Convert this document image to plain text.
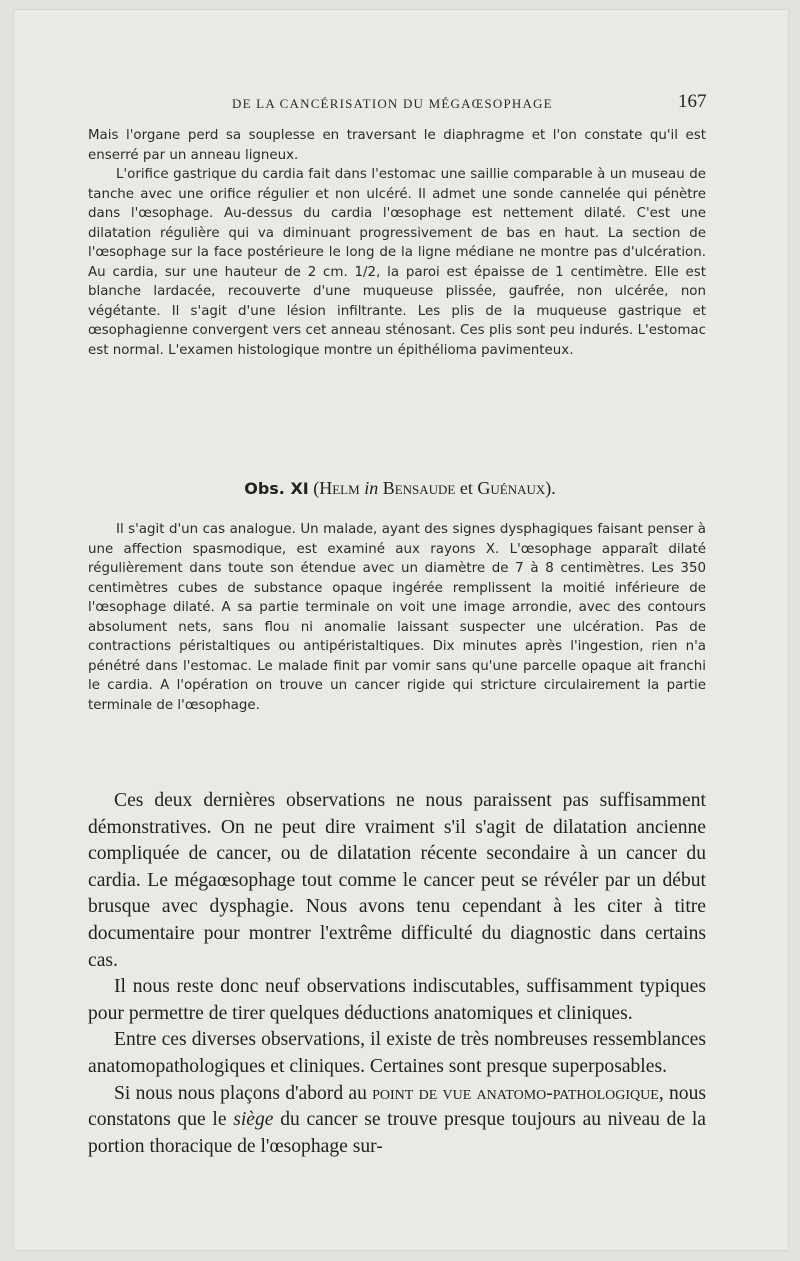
DE LA CANCÉRISATION DU MÉGAŒSOPHAGE	167

Mais l'organe perd sa souplesse en traversant le diaphragme et l'on constate qu'il est enserré par un anneau ligneux.

L'orifice gastrique du cardia fait dans l'estomac une saillie comparable à un museau de tanche avec une orifice régulier et non ulcéré. Il admet une sonde cannelée qui pénètre dans l'œsophage. Au-dessus du cardia l'œsophage est nettement dilaté. C'est une dilatation régulière qui va diminuant progressivement de bas en haut. La section de l'œsophage sur la face postérieure le long de la ligne médiane ne montre pas d'ulcération. Au cardia, sur une hauteur de 2 cm. 1/2, la paroi est épaisse de 1 centimètre. Elle est blanche lardacée, recouverte d'une muqueuse plissée, gaufrée, non ulcérée, non végétante. Il s'agit d'une lésion infiltrante. Les plis de la muqueuse gastrique et œsophagienne convergent vers cet anneau sténosant. Ces plis sont peu indurés. L'estomac est normal. L'examen histologique montre un épithélioma pavimenteux.

Obs. XI (Helm in Bensaude et Guénaux).

Il s'agit d'un cas analogue. Un malade, ayant des signes dysphagiques faisant penser à une affection spasmodique, est examiné aux rayons X. L'œsophage apparaît dilaté régulièrement dans toute son étendue avec un diamètre de 7 à 8 centimètres. Les 350 centimètres cubes de substance opaque ingérée remplissent la moitié inférieure de l'œsophage dilaté. A sa partie terminale on voit une image arrondie, avec des contours absolument nets, sans flou ni anomalie laissant suspecter une ulcération. Pas de contractions péristaltiques ou antipéristaltiques. Dix minutes après l'ingestion, rien n'a pénétré dans l'estomac. Le malade finit par vomir sans qu'une parcelle opaque ait franchi le cardia. A l'opération on trouve un cancer rigide qui stricture circulairement la partie terminale de l'œsophage.

Ces deux dernières observations ne nous paraissent pas suffisamment démonstratives. On ne peut dire vraiment s'il s'agit de dilatation ancienne compliquée de cancer, ou de dilatation récente secondaire à un cancer du cardia. Le mégaœsophage tout comme le cancer peut se révéler par un début brusque avec dysphagie. Nous avons tenu cependant à les citer à titre documentaire pour montrer l'extrême difficulté du diagnostic dans certains cas.

Il nous reste donc neuf observations indiscutables, suffisamment typiques pour permettre de tirer quelques déductions anatomiques et cliniques.

Entre ces diverses observations, il existe de très nombreuses ressemblances anatomopathologiques et cliniques. Certaines sont presque superposables.

Si nous nous plaçons d'abord au point de vue anatomo-pathologique, nous constatons que le siège du cancer se trouve presque toujours au niveau de la portion thoracique de l'œsophage sur-
